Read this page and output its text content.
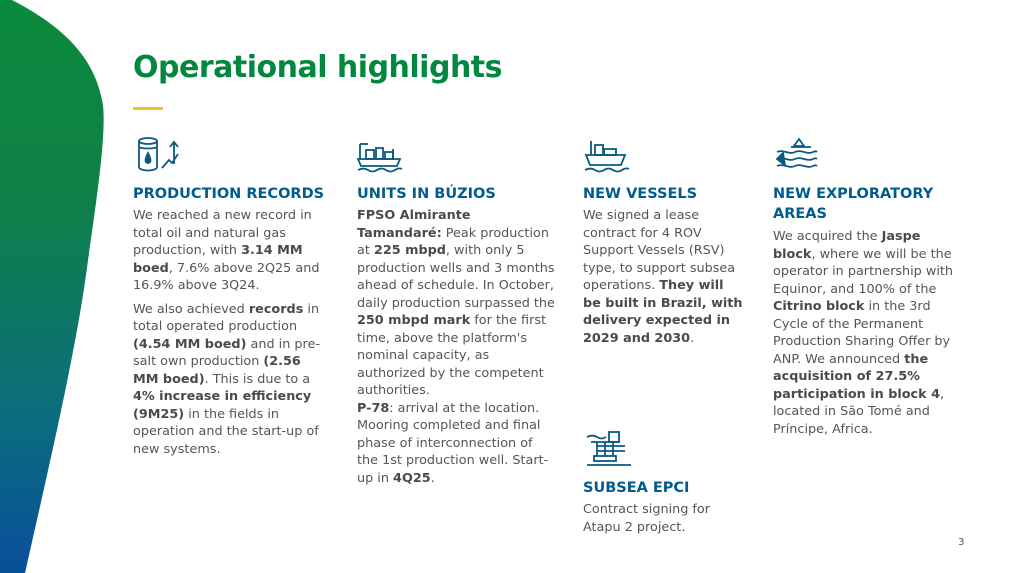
Operational highlights
PRODUCTION RECORDS

We reached a new record in total oil and natural gas production, with 3.14 MM boed, 7.6% above 2Q25 and 16.9% above 3Q24.

We also achieved records in total operated production (4.54 MM boed) and in pre-salt own production (2.56 MM boed). This is due to a 4% increase in efficiency (9M25) in the fields in operation and the start-up of new systems.

UNITS IN BÚZIOS

FPSO Almirante Tamandaré: Peak production at 225 mbpd, with only 5 production wells and 3 months ahead of schedule. In October, daily production surpassed the 250 mbpd mark for the first time, above the platform's nominal capacity, as authorized by the competent authorities.

P-78: arrival at the location. Mooring completed and final phase of interconnection of the 1st production well. Start-up in 4Q25.

NEW VESSELS

We signed a lease contract for 4 ROV Support Vessels (RSV) type, to support subsea operations. They will be built in Brazil, with delivery expected in 2029 and 2030.

SUBSEA EPCI

Contract signing for Atapu 2 project.

NEW EXPLORATORY AREAS

We acquired the Jaspe block, where we will be the operator in partnership with Equinor, and 100% of the Citrino block in the 3rd Cycle of the Permanent Production Sharing Offer by ANP. We announced the acquisition of 27.5% participation in block 4, located in São Tomé and Príncipe, Africa.

3
